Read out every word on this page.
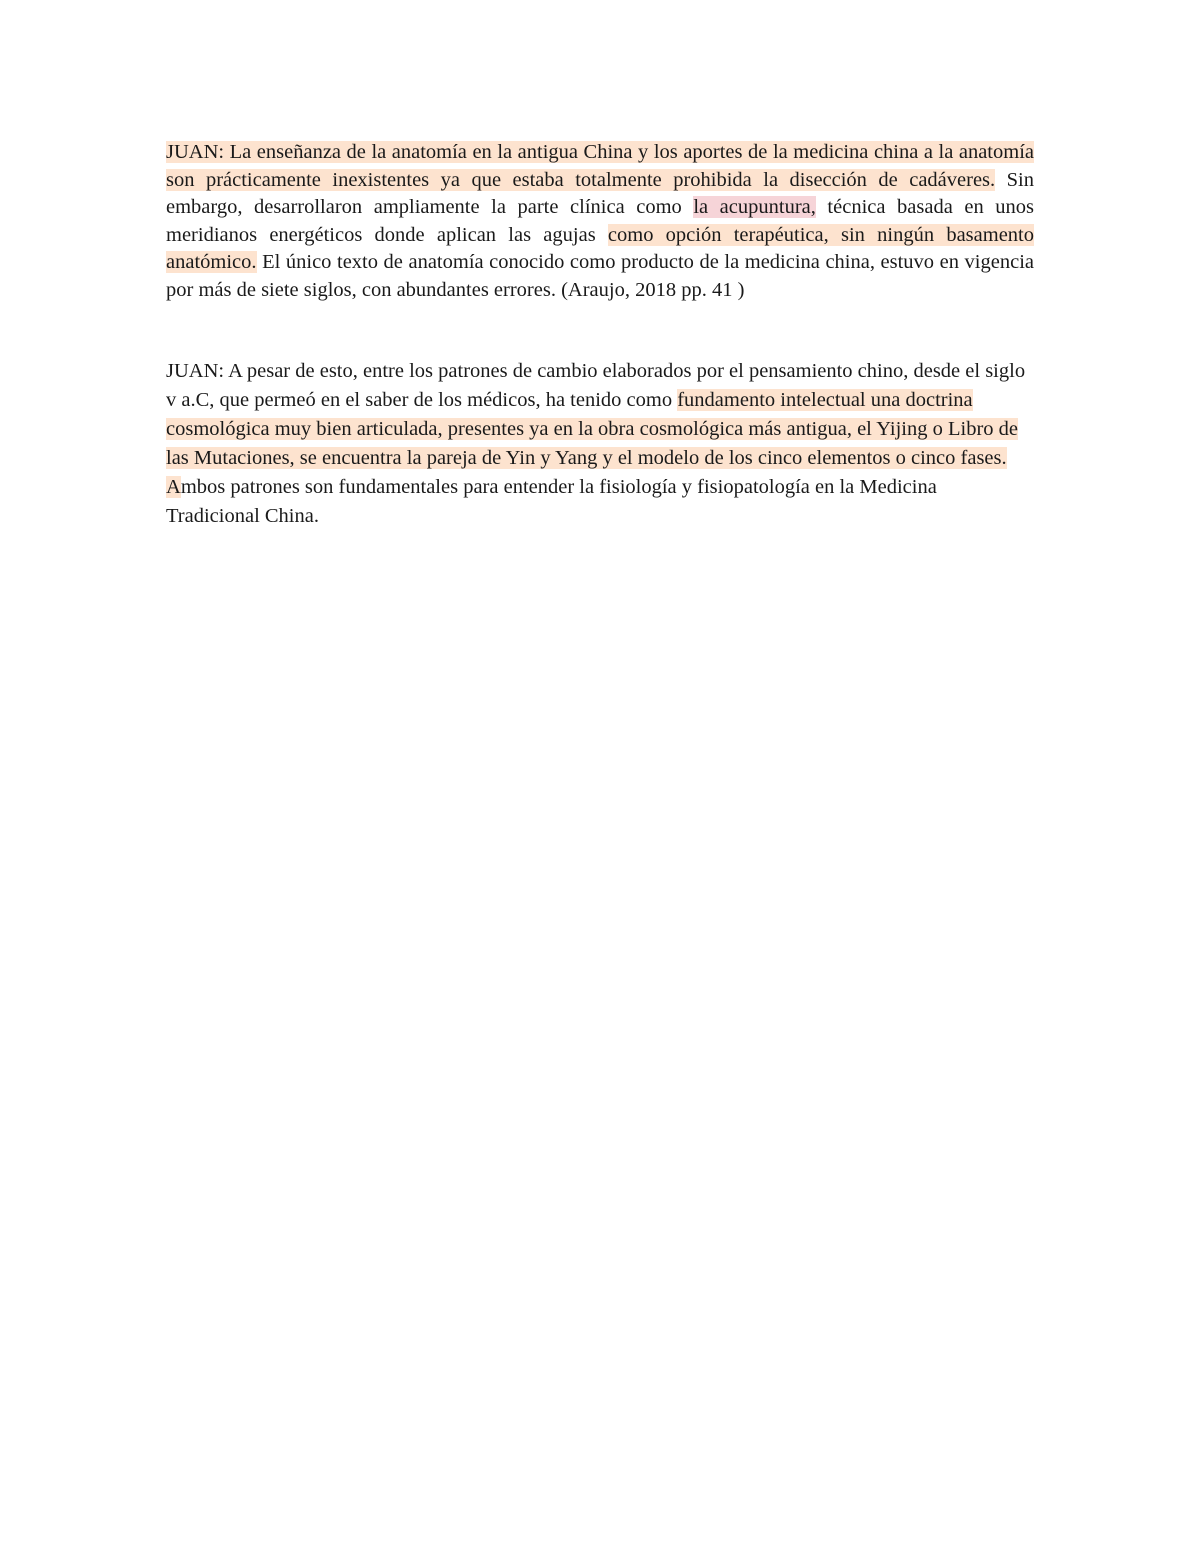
JUAN: La enseñanza de la anatomía en la antigua China y los aportes de la medicina china a la anatomía son prácticamente inexistentes ya que estaba totalmente prohibida la disección de cadáveres. Sin embargo, desarrollaron ampliamente la parte clínica como la acupuntura, técnica basada en unos meridianos energéticos donde aplican las agujas como opción terapéutica, sin ningún basamento anatómico. El único texto de anatomía conocido como producto de la medicina china, estuvo en vigencia por más de siete siglos, con abundantes errores. (Araujo, 2018 pp. 41 )

JUAN: A pesar de esto, entre los patrones de cambio elaborados por el pensamiento chino, desde el siglo v a.C, que permeó en el saber de los médicos, ha tenido como fundamento intelectual una doctrina cosmológica muy bien articulada, presentes ya en la obra cosmológica más antigua, el Yijing o Libro de las Mutaciones, se encuentra la pareja de Yin y Yang y el modelo de los cinco elementos o cinco fases. Ambos patrones son fundamentales para entender la fisiología y fisiopatología en la Medicina Tradicional China.
